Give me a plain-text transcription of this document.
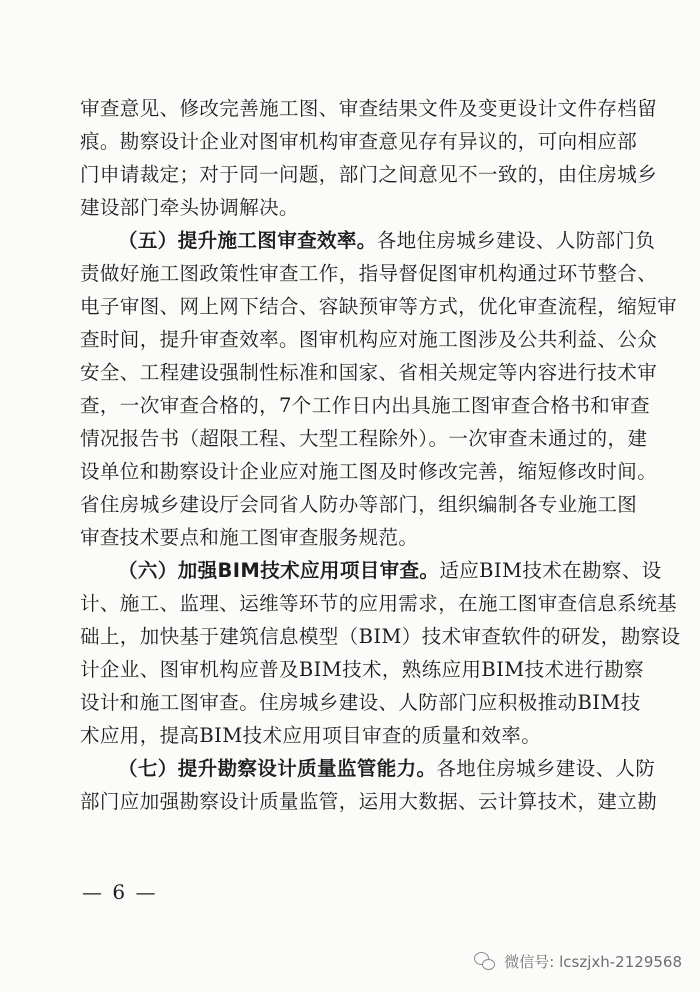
审查意见、修改完善施工图、审查结果文件及变更设计文件存档留
痕。勘察设计企业对图审机构审查意见存有异议的，可向相应部
门申请裁定；对于同一问题，部门之间意见不一致的，由住房城乡
建设部门牵头协调解决。
（五）提升施工图审查效率。各地住房城乡建设、人防部门负
责做好施工图政策性审查工作，指导督促图审机构通过环节整合、
电子审图、网上网下结合、容缺预审等方式，优化审查流程，缩短审
查时间，提升审查效率。图审机构应对施工图涉及公共利益、公众
安全、工程建设强制性标准和国家、省相关规定等内容进行技术审
查，一次审查合格的，7个工作日内出具施工图审查合格书和审查
情况报告书（超限工程、大型工程除外）。一次审查未通过的，建
设单位和勘察设计企业应对施工图及时修改完善，缩短修改时间。
省住房城乡建设厅会同省人防办等部门，组织编制各专业施工图
审查技术要点和施工图审查服务规范。
（六）加强BIM技术应用项目审查。适应BIM技术在勘察、设
计、施工、监理、运维等环节的应用需求，在施工图审查信息系统基
础上，加快基于建筑信息模型（BIM）技术审查软件的研发，勘察设
计企业、图审机构应普及BIM技术，熟练应用BIM技术进行勘察
设计和施工图审查。住房城乡建设、人防部门应积极推动BIM技
术应用，提高BIM技术应用项目审查的质量和效率。
（七）提升勘察设计质量监管能力。各地住房城乡建设、人防
部门应加强勘察设计质量监管，运用大数据、云计算技术，建立勘
— 6 —
微信号: lcszjxh-2129568
